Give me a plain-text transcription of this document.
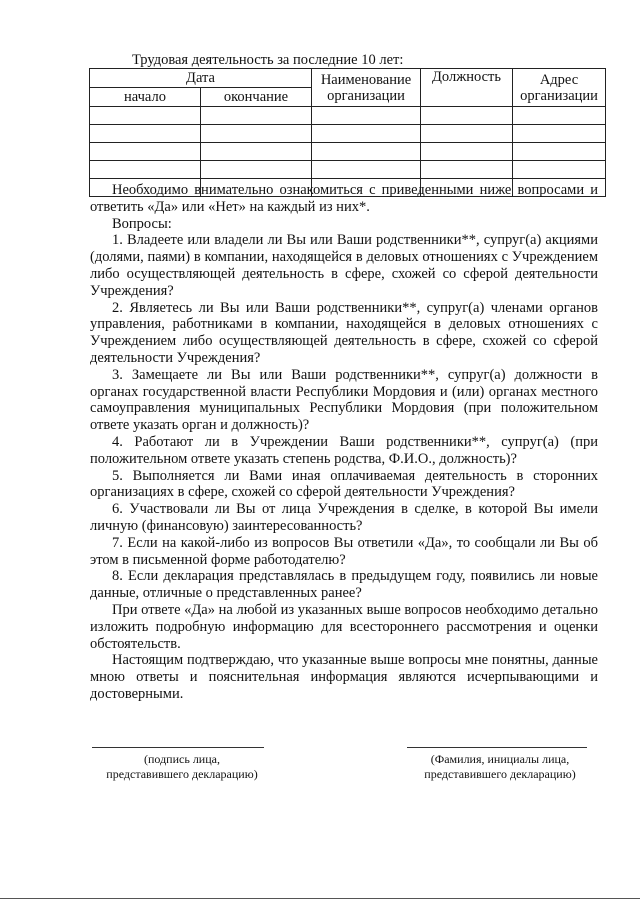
Трудовая деятельность за последние 10 лет:
Дата		Наименование организации	Должность	Адрес организации
начало	окончание			

Необходимо внимательно ознакомиться с приведенными ниже вопросами и ответить «Да» или «Нет» на каждый из них*.

Вопросы:

1. Владеете или владели ли Вы или Ваши родственники**, супруг(а) акциями (долями, паями) в компании, находящейся в деловых отношениях с Учреждением либо осуществляющей деятельность в сфере, схожей со сферой деятельности Учреждения?

2. Являетесь ли Вы или Ваши родственники**, супруг(а) членами органов управления, работниками в компании, находящейся в деловых отношениях с Учреждением либо осуществляющей деятельность в сфере, схожей со сферой деятельности Учреждения?

3. Замещаете ли Вы или Ваши родственники**, супруг(а) должности в органах государственной власти Республики Мордовия и (или) органах местного самоуправления муниципальных Республики Мордовия (при положительном ответе указать орган и должность)?

4. Работают ли в Учреждении Ваши родственники**, супруг(а) (при положительном ответе указать степень родства, Ф.И.О., должность)?

5. Выполняется ли Вами иная оплачиваемая деятельность в сторонних организациях в сфере, схожей со сферой деятельности Учреждения?

6. Участвовали ли Вы от лица Учреждения в сделке, в которой Вы имели личную (финансовую) заинтересованность?

7. Если на какой-либо из вопросов Вы ответили «Да», то сообщали ли Вы об этом в письменной форме работодателю?

8. Если декларация представлялась в предыдущем году, появились ли новые данные, отличные о представленных ранее?

При ответе «Да» на любой из указанных выше вопросов необходимо детально изложить подробную информацию для всестороннего рассмотрения и оценки обстоятельств.

Настоящим подтверждаю, что указанные выше вопросы мне понятны, данные мною ответы и пояснительная информация являются исчерпывающими и достоверными.

(подпись лица,
представившего декларацию)
(Фамилия, инициалы лица,
представившего декларацию)
